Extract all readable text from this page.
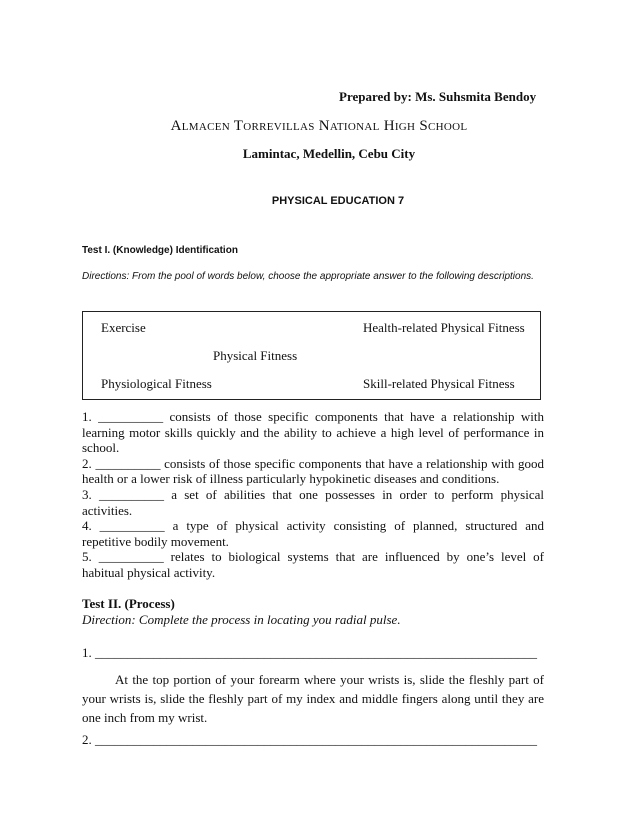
Prepared by: Ms. Suhsmita Bendoy
Almacen Torrevillas National High School
Lamintac, Medellin, Cebu City
PHYSICAL EDUCATION 7
Test I. (Knowledge) Identification
Directions: From the pool of words below, choose the appropriate answer to the following descriptions.
Exercise	Health-related Physical Fitness
Physical Fitness
Physiological Fitness	Skill-related Physical Fitness

1. __________ consists of those specific components that have a relationship with learning motor skills quickly and the ability to achieve a high level of performance in school.

2. __________ consists of those specific components that have a relationship with good health or a lower risk of illness particularly hypokinetic diseases and conditions.

3. __________ a set of abilities that one possesses in order to perform physical activities.

4. __________ a type of physical activity consisting of planned, structured and repetitive bodily movement.

5. __________ relates to biological systems that are influenced by one’s level of habitual physical activity.

Test II. (Process)
Direction: Complete the process in locating you radial pulse.
1. ____________________________________________________________________
At the top portion of your forearm where your wrists is, slide the fleshly part of your wrists is, slide the fleshly part of my index and middle fingers along until they are one inch from my wrist.
2. ____________________________________________________________________
